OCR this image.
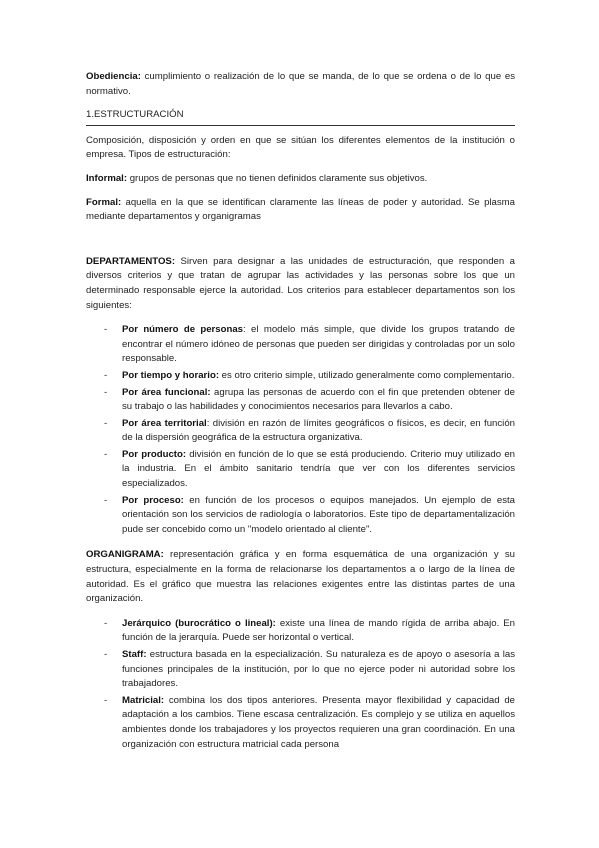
Obediencia: cumplimiento o realización de lo que se manda, de lo que se ordena o de lo que es normativo.

1.ESTRUCTURACIÓN

Composición, disposición y orden en que se sitúan los diferentes elementos de la institución o empresa. Tipos de estructuración:

Informal: grupos de personas que no tienen definidos claramente sus objetivos.

Formal: aquella en la que se identifican claramente las líneas de poder y autoridad. Se plasma mediante departamentos y organigramas

DEPARTAMENTOS: Sirven para designar a las unidades de estructuración, que responden a diversos criterios y que tratan de agrupar las actividades y las personas sobre los que un determinado responsable ejerce la autoridad. Los criterios para establecer departamentos son los siguientes:

- Por número de personas: el modelo más simple, que divide los grupos tratando de encontrar el número idóneo de personas que pueden ser dirigidas y controladas por un solo responsable.
- Por tiempo y horario: es otro criterio simple, utilizado generalmente como complementario.
- Por área funcional: agrupa las personas de acuerdo con el fin que pretenden obtener de su trabajo o las habilidades y conocimientos necesarios para llevarlos a cabo.
- Por área territorial: división en razón de límites geográficos o físicos, es decir, en función de la dispersión geográfica de la estructura organizativa.
- Por producto: división en función de lo que se está produciendo. Criterio muy utilizado en la industria. En el ámbito sanitario tendría que ver con los diferentes servicios especializados.
- Por proceso: en función de los procesos o equipos manejados. Un ejemplo de esta orientación son los servicios de radiología o laboratorios. Este tipo de departamentalización pude ser concebido como un "modelo orientado al cliente".

ORGANIGRAMA: representación gráfica y en forma esquemática de una organización y su estructura, especialmente en la forma de relacionarse los departamentos a o largo de la línea de autoridad. Es el gráfico que muestra las relaciones exigentes entre las distintas partes de una organización.

- Jerárquico (burocrático o lineal): existe una línea de mando rígida de arriba abajo. En función de la jerarquía. Puede ser horizontal o vertical.
- Staff: estructura basada en la especialización. Su naturaleza es de apoyo o asesoría a las funciones principales de la institución, por lo que no ejerce poder ni autoridad sobre los trabajadores.
- Matricial: combina los dos tipos anteriores. Presenta mayor flexibilidad y capacidad de adaptación a los cambios. Tiene escasa centralización. Es complejo y se utiliza en aquellos ambientes donde los trabajadores y los proyectos requieren una gran coordinación. En una organización con estructura matricial cada persona
